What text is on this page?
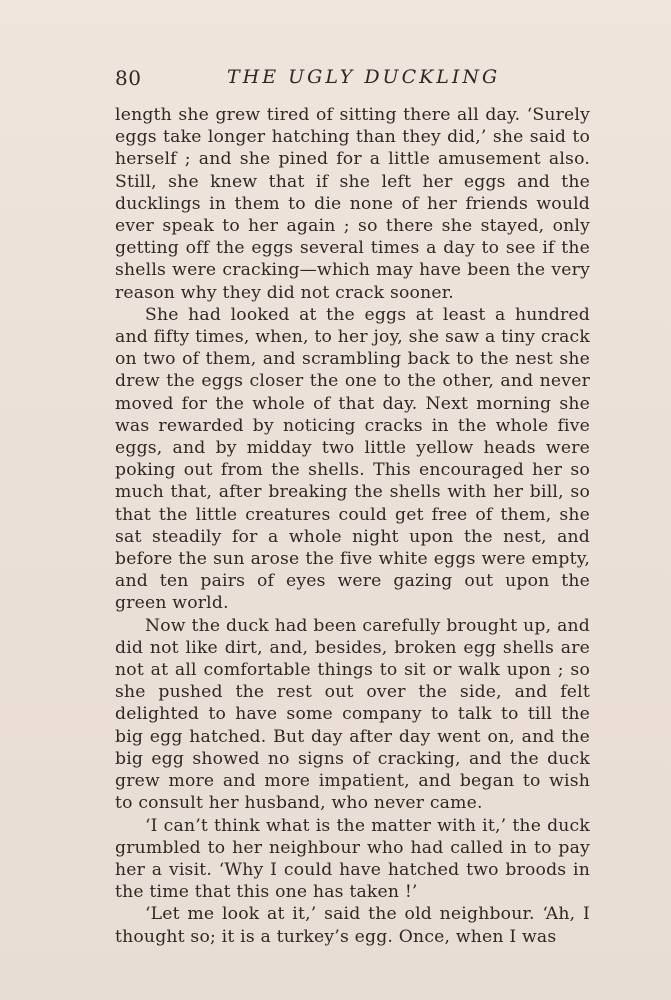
80	THE UGLY DUCKLING

length she grew tired of sitting there all day. ‘Surely eggs take longer hatching than they did,’ she said to herself ; and she pined for a little amusement also. Still, she knew that if she left her eggs and the ducklings in them to die none of her friends would ever speak to her again ; so there she stayed, only getting off the eggs several times a day to see if the shells were cracking—which may have been the very reason why they did not crack sooner.

She had looked at the eggs at least a hundred and fifty times, when, to her joy, she saw a tiny crack on two of them, and scrambling back to the nest she drew the eggs closer the one to the other, and never moved for the whole of that day. Next morning she was rewarded by noticing cracks in the whole five eggs, and by midday two little yellow heads were poking out from the shells. This encouraged her so much that, after breaking the shells with her bill, so that the little creatures could get free of them, she sat steadily for a whole night upon the nest, and before the sun arose the five white eggs were empty, and ten pairs of eyes were gazing out upon the green world.

Now the duck had been carefully brought up, and did not like dirt, and, besides, broken egg shells are not at all comfortable things to sit or walk upon ; so she pushed the rest out over the side, and felt delighted to have some company to talk to till the big egg hatched. But day after day went on, and the big egg showed no signs of cracking, and the duck grew more and more impatient, and began to wish to consult her husband, who never came.

‘I can’t think what is the matter with it,’ the duck grumbled to her neighbour who had called in to pay her a visit. ‘Why I could have hatched two broods in the time that this one has taken !’

‘Let me look at it,’ said the old neighbour. ‘Ah, I thought so; it is a turkey’s egg. Once, when I was
